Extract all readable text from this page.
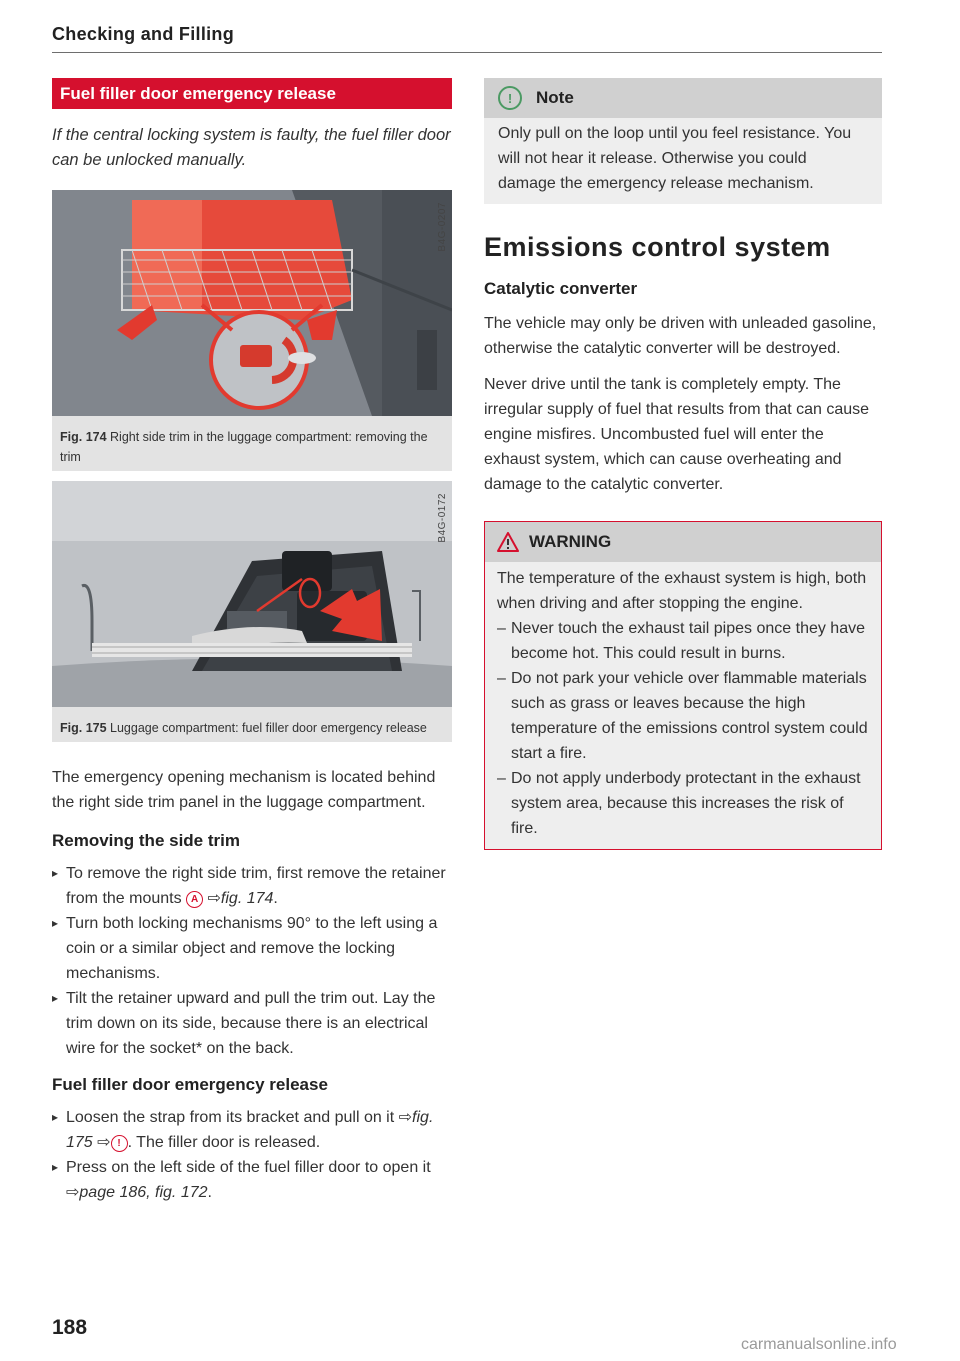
Checking and Filling
Fuel filler door emergency release

If the central locking system is faulty, the fuel filler door can be unlocked manually.

B4G-0207
Fig. 174 Right side trim in the luggage compartment: removing the trim
B4G-0172
Fig. 175 Luggage compartment: fuel filler door emergency release

The emergency opening mechanism is located behind the right side trim panel in the luggage compartment.

Removing the side trim

▸ To remove the right side trim, first remove the retainer from the mounts A ⇨fig. 174.
▸ Turn both locking mechanisms 90° to the left using a coin or a similar object and remove the locking mechanisms.
▸ Tilt the retainer upward and pull the trim out. Lay the trim down on its side, because there is an electrical wire for the socket* on the back.

Fuel filler door emergency release

▸ Loosen the strap from its bracket and pull on it ⇨fig. 175 ⇨ ! . The filler door is released.
▸ Press on the left side of the fuel filler door to open it ⇨page 186, fig. 172.
!	Note
Only pull on the loop until you feel resistance. You will not hear it release. Otherwise you could damage the emergency release mechanism.

Emissions control system

Catalytic converter

The vehicle may only be driven with unleaded gasoline, otherwise the catalytic converter will be destroyed.

Never drive until the tank is completely empty. The irregular supply of fuel that results from that can cause engine misfires. Uncombusted fuel will enter the exhaust system, which can cause overheating and damage to the catalytic converter.

WARNING
The temperature of the exhaust system is high, both when driving and after stopping the engine.
– Never touch the exhaust tail pipes once they have become hot. This could result in burns.
– Do not park your vehicle over flammable materials such as grass or leaves because the high temperature of the emissions control system could start a fire.
– Do not apply underbody protectant in the exhaust system area, because this increases the risk of fire.
188
carmanualsonline.info
